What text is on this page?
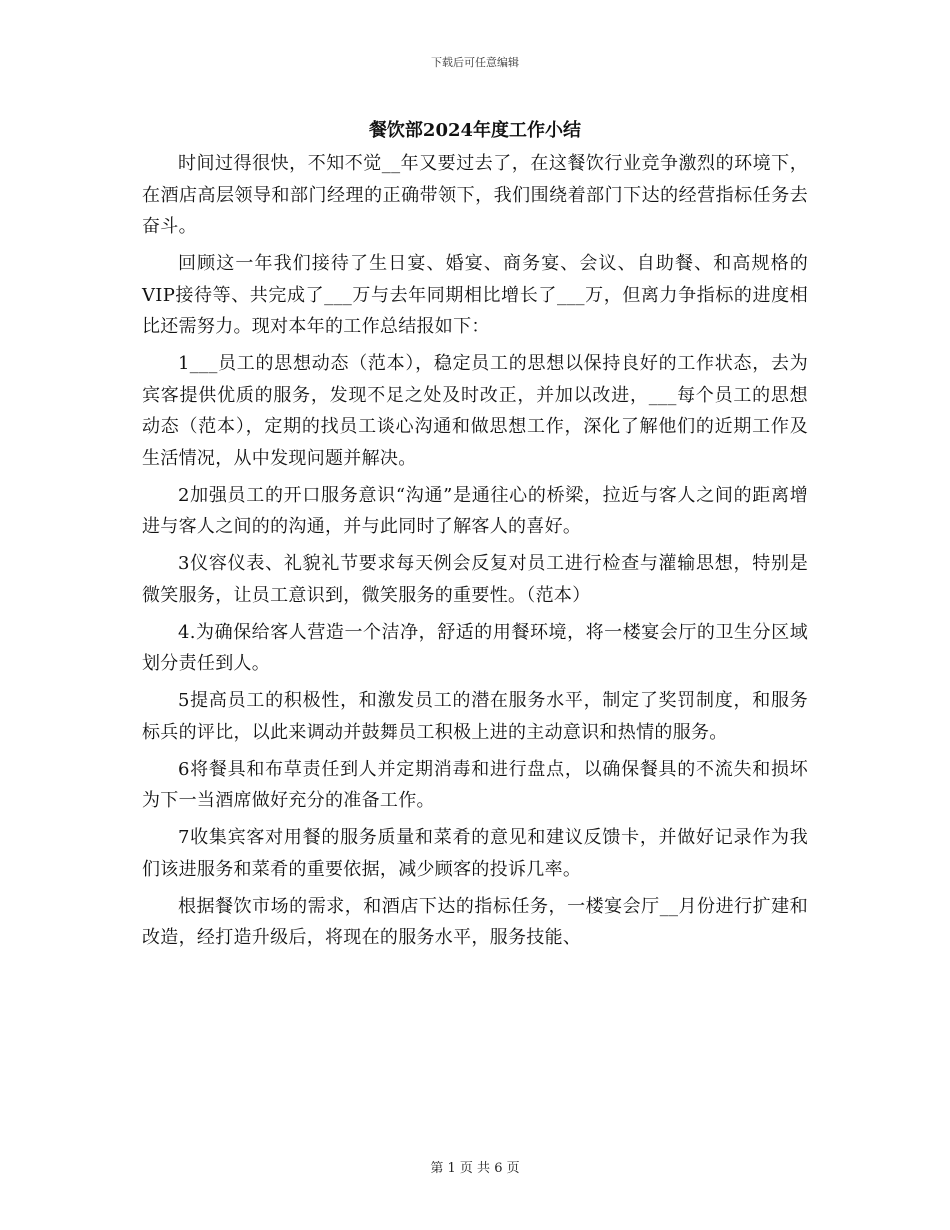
下载后可任意编辑
餐饮部2024年度工作小结

时间过得很快，不知不觉__年又要过去了，在这餐饮行业竞争激烈的环境下，在酒店高层领导和部门经理的正确带领下，我们围绕着部门下达的经营指标任务去奋斗。

回顾这一年我们接待了生日宴、婚宴、商务宴、会议、自助餐、和高规格的VIP接待等、共完成了___万与去年同期相比增长了___万，但离力争指标的进度相比还需努力。现对本年的工作总结报如下：

1___员工的思想动态（范本），稳定员工的思想以保持良好的工作状态，去为宾客提供优质的服务，发现不足之处及时改正，并加以改进，___每个员工的思想动态（范本），定期的找员工谈心沟通和做思想工作，深化了解他们的近期工作及生活情况，从中发现问题并解决。

2加强员工的开口服务意识“沟通”是通往心的桥梁，拉近与客人之间的距离增进与客人之间的的沟通，并与此同时了解客人的喜好。

3仪容仪表、礼貌礼节要求每天例会反复对员工进行检查与灌输思想，特别是微笑服务，让员工意识到，微笑服务的重要性。（范本）

4.为确保给客人营造一个洁净，舒适的用餐环境，将一楼宴会厅的卫生分区域划分责任到人。

5提高员工的积极性，和激发员工的潜在服务水平，制定了奖罚制度，和服务标兵的评比，以此来调动并鼓舞员工积极上进的主动意识和热情的服务。

6将餐具和布草责任到人并定期消毒和进行盘点，以确保餐具的不流失和损坏为下一当酒席做好充分的准备工作。

7收集宾客对用餐的服务质量和菜肴的意见和建议反馈卡，并做好记录作为我们该进服务和菜肴的重要依据，减少顾客的投诉几率。

根据餐饮市场的需求，和酒店下达的指标任务，一楼宴会厅__月份进行扩建和改造，经打造升级后，将现在的服务水平，服务技能、

第 1 页 共 6 页
